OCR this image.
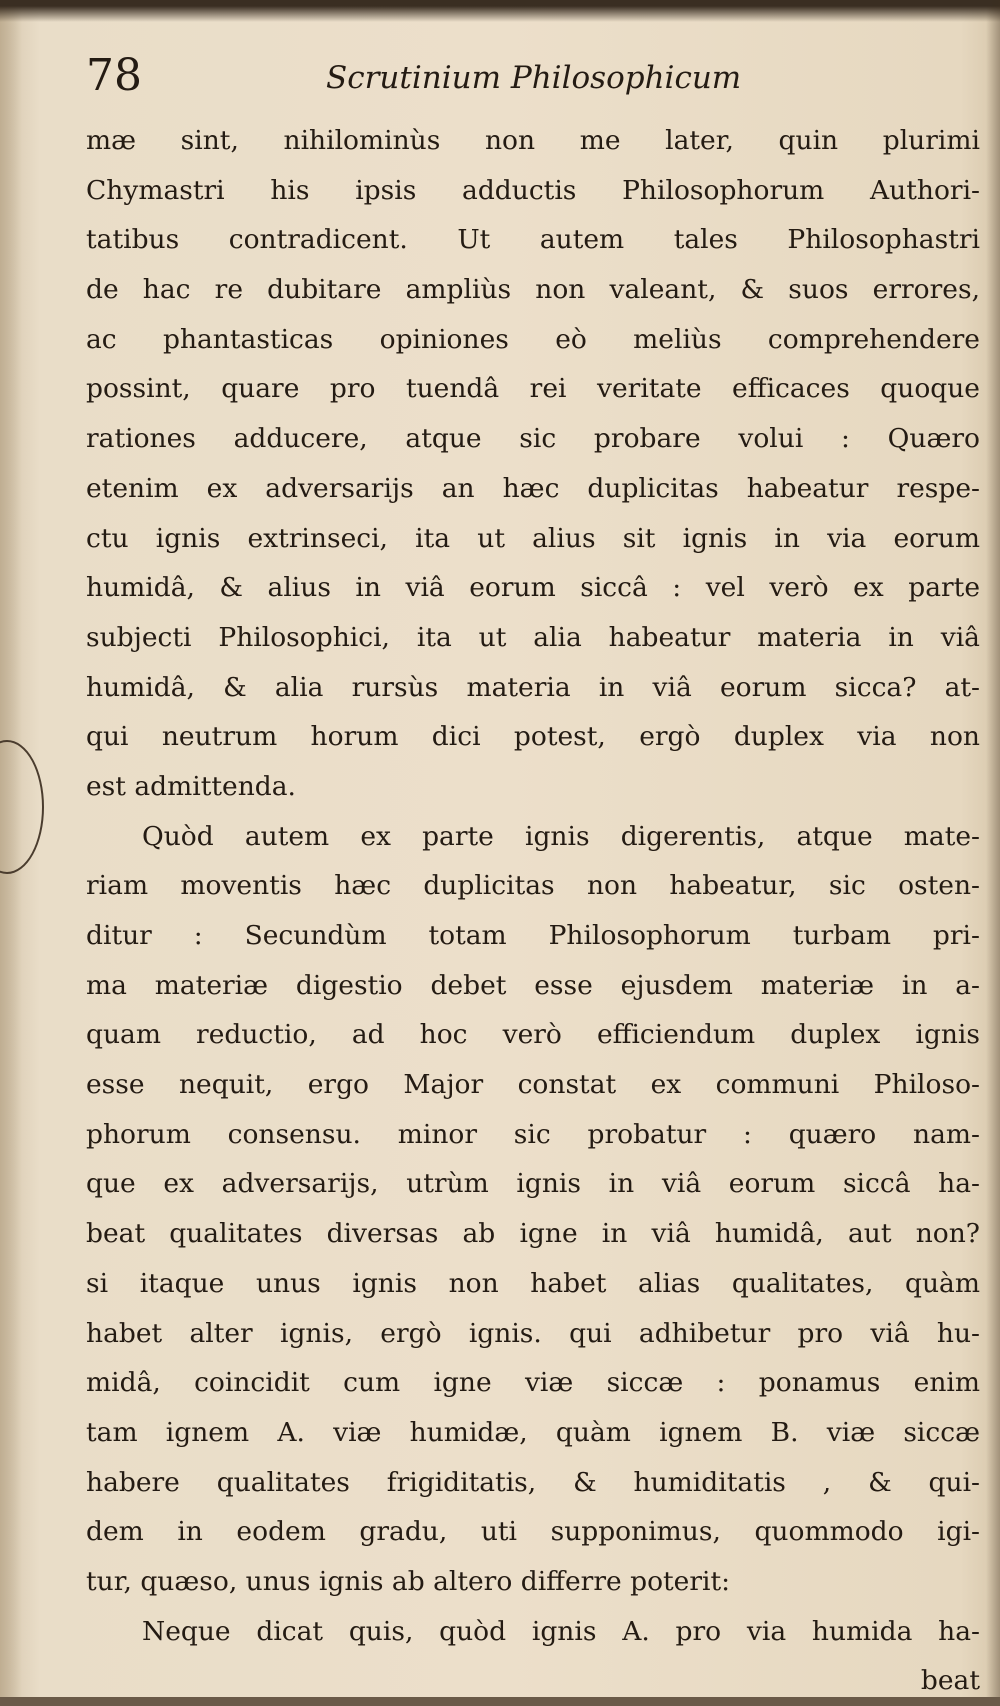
78	Scrutinium Philosophicum
mæ sint, nihilominùs non me later, quin plurimi
Chymastri his ipsis adductis Philosophorum Authori-
tatibus contradicent. Ut autem tales Philosophastri
de hac re dubitare ampliùs non valeant, & suos errores,
ac phantasticas opiniones eò meliùs comprehendere
possint, quare pro tuendâ rei veritate efficaces quoque
rationes adducere, atque sic probare volui : Quæro
etenim ex adversarijs an hæc duplicitas habeatur respe-
ctu ignis extrinseci, ita ut alius sit ignis in via eorum
humidâ, & alius in viâ eorum siccâ : vel verò ex parte
subjecti Philosophici, ita ut alia habeatur materia in viâ
humidâ, & alia rursùs materia in viâ eorum sicca? at-
qui neutrum horum dici potest, ergò duplex via non
est admittenda.
Quòd autem ex parte ignis digerentis, atque mate-
riam moventis hæc duplicitas non habeatur, sic osten-
ditur : Secundùm totam Philosophorum turbam pri-
ma materiæ digestio debet esse ejusdem materiæ in a-
quam reductio, ad hoc verò efficiendum duplex ignis
esse nequit, ergo Major constat ex communi Philoso-
phorum consensu. minor sic probatur : quæro nam-
que ex adversarijs, utrùm ignis in viâ eorum siccâ ha-
beat qualitates diversas ab igne in viâ humidâ, aut non?
si itaque unus ignis non habet alias qualitates, quàm
habet alter ignis, ergò ignis. qui adhibetur pro viâ hu-
midâ, coincidit cum igne viæ siccæ : ponamus enim
tam ignem A. viæ humidæ, quàm ignem B. viæ siccæ
habere qualitates frigiditatis, & humiditatis , & qui-
dem in eodem gradu, uti supponimus, quommodo igi-
tur, quæso, unus ignis ab altero differre poterit:
Neque dicat quis, quòd ignis A. pro via humida ha-
beat
